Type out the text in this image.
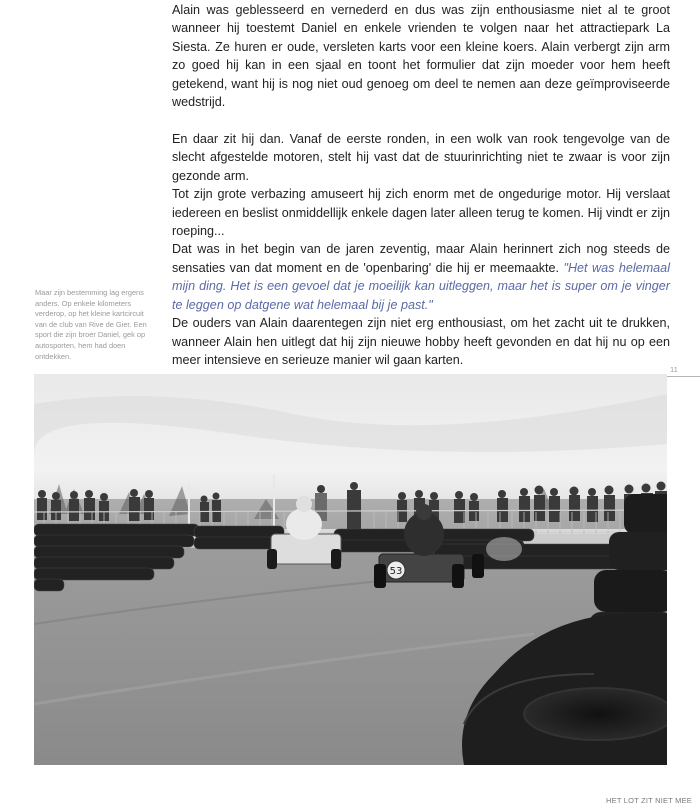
Alain was geblesseerd en vernederd en dus was zijn enthousiasme niet al te groot wanneer hij toestemt Daniel en enkele vrienden te volgen naar het attractiepark La Siesta. Ze huren er oude, versleten karts voor een kleine koers. Alain verbergt zijn arm zo goed hij kan in een sjaal en toont het formulier dat zijn moeder voor hem heeft getekend, want hij is nog niet oud genoeg om deel te nemen aan deze geïmproviseerde wedstrijd.

En daar zit hij dan. Vanaf de eerste ronden, in een wolk van rook tengevolge van de slecht afgestelde motoren, stelt hij vast dat de stuurinrichting niet te zwaar is voor zijn gezonde arm.

Tot zijn grote verbazing amuseert hij zich enorm met de ongedurige motor. Hij verslaat iedereen en beslist onmiddellijk enkele dagen later alleen terug te komen. Hij vindt er zijn roeping...

Dat was in het begin van de jaren zeventig, maar Alain herinnert zich nog steeds de sensaties van dat moment en de 'openbaring' die hij er meemaakte. "Het was helemaal mijn ding. Het is een gevoel dat je moeilijk kan uitleggen, maar het is super om je vinger te leggen op datgene wat helemaal bij je past."

De ouders van Alain daarentegen zijn niet erg enthousiast, om het zacht uit te drukken, wanneer Alain hen uitlegt dat hij zijn nieuwe hobby heeft gevonden en dat hij nu op een meer intensieve en serieuze manier wil gaan karten.

Maar zijn bestemming lag ergens anders. Op enkele kilometers verderop, op het kleine kartcircuit van de club van Rive de Gier. Een sport die zijn broer Daniel, gek op autosporten, hem had doen ontdekken.
11
53
HET LOT ZIT NIET MEE
